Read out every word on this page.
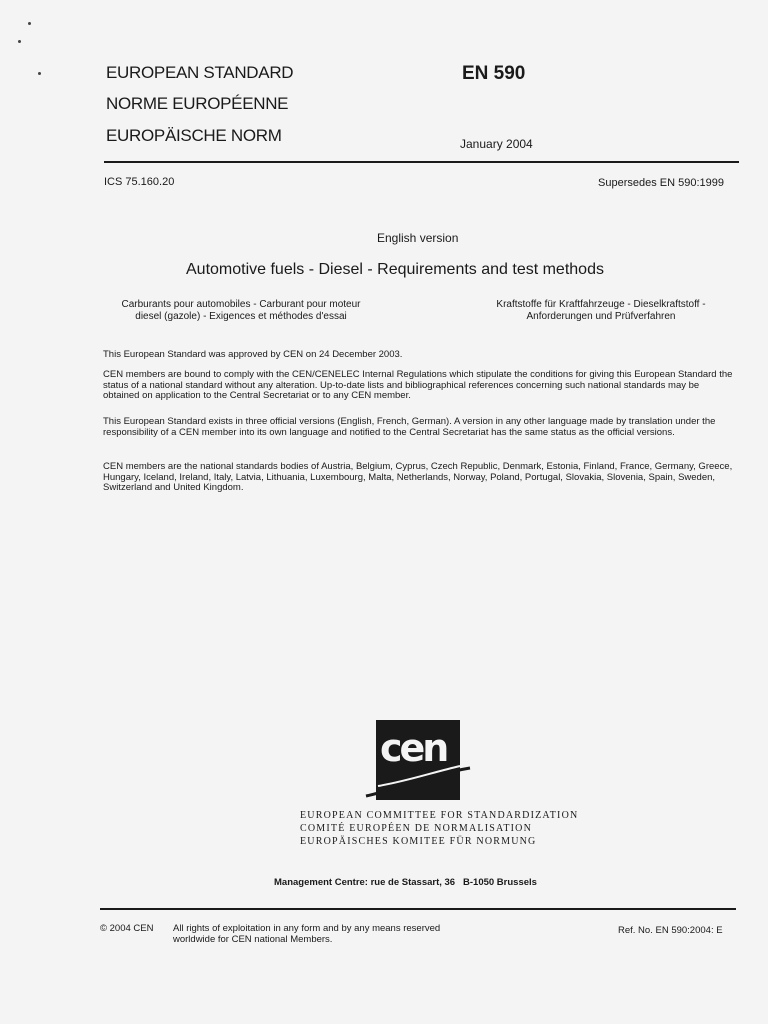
EUROPEAN STANDARD
NORME EUROPÉENNE
EUROPÄISCHE NORM
EN 590
January 2004
ICS 75.160.20	Supersedes EN 590:1999
English version
Automotive fuels - Diesel - Requirements and test methods
Carburants pour automobiles - Carburant pour moteur diesel (gazole) - Exigences et méthodes d'essai
Kraftstoffe für Kraftfahrzeuge - Dieselkraftstoff - Anforderungen und Prüfverfahren
This European Standard was approved by CEN on 24 December 2003.
CEN members are bound to comply with the CEN/CENELEC Internal Regulations which stipulate the conditions for giving this European Standard the status of a national standard without any alteration. Up-to-date lists and bibliographical references concerning such national standards may be obtained on application to the Central Secretariat or to any CEN member.
This European Standard exists in three official versions (English, French, German). A version in any other language made by translation under the responsibility of a CEN member into its own language and notified to the Central Secretariat has the same status as the official versions.
CEN members are the national standards bodies of Austria, Belgium, Cyprus, Czech Republic, Denmark, Estonia, Finland, France, Germany, Greece, Hungary, Iceland, Ireland, Italy, Latvia, Lithuania, Luxembourg, Malta, Netherlands, Norway, Poland, Portugal, Slovakia, Slovenia, Spain, Sweden, Switzerland and United Kingdom.
cen
EUROPEAN COMMITTEE FOR STANDARDIZATION
COMITÉ EUROPÉEN DE NORMALISATION
EUROPÄISCHES KOMITEE FÜR NORMUNG
Management Centre: rue de Stassart, 36   B-1050 Brussels
© 2004 CEN All rights of exploitation in any form and by any means reserved worldwide for CEN national Members.
Ref. No. EN 590:2004: E
